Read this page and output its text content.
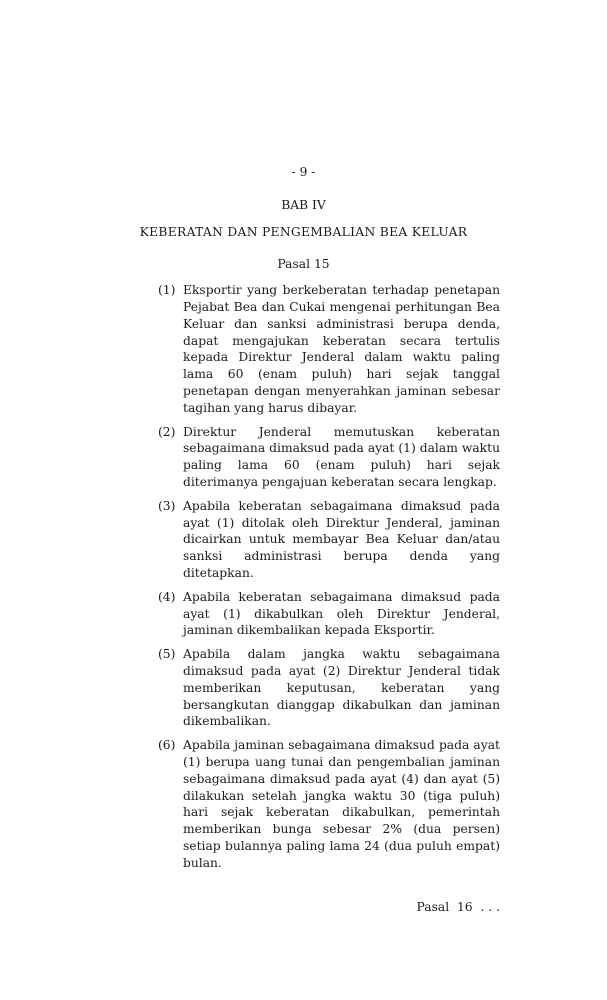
- 9 -
BAB IV
KEBERATAN DAN PENGEMBALIAN BEA KELUAR
Pasal 15
(1) Eksportir yang berkeberatan terhadap penetapan Pejabat Bea dan Cukai mengenai perhitungan Bea Keluar dan sanksi administrasi berupa denda, dapat mengajukan keberatan secara tertulis kepada Direktur Jenderal dalam waktu paling lama 60 (enam puluh) hari sejak tanggal penetapan dengan menyerahkan jaminan sebesar tagihan yang harus dibayar.
(2) Direktur Jenderal memutuskan keberatan sebagaimana dimaksud pada ayat (1) dalam waktu paling lama 60 (enam puluh) hari sejak diterimanya pengajuan keberatan secara lengkap.
(3) Apabila keberatan sebagaimana dimaksud pada ayat (1) ditolak oleh Direktur Jenderal, jaminan dicairkan untuk membayar Bea Keluar dan/atau sanksi administrasi berupa denda yang ditetapkan.
(4) Apabila keberatan sebagaimana dimaksud pada ayat (1) dikabulkan oleh Direktur Jenderal, jaminan dikembalikan kepada Eksportir.
(5) Apabila dalam jangka waktu sebagaimana dimaksud pada ayat (2) Direktur Jenderal tidak memberikan keputusan, keberatan yang bersangkutan dianggap dikabulkan dan jaminan dikembalikan.
(6) Apabila jaminan sebagaimana dimaksud pada ayat (1) berupa uang tunai dan pengembalian jaminan sebagaimana dimaksud pada ayat (4) dan ayat (5) dilakukan setelah jangka waktu 30 (tiga puluh) hari sejak keberatan dikabulkan, pemerintah memberikan bunga sebesar 2% (dua persen) setiap bulannya paling lama 24 (dua puluh empat) bulan.
Pasal  16  . . .
